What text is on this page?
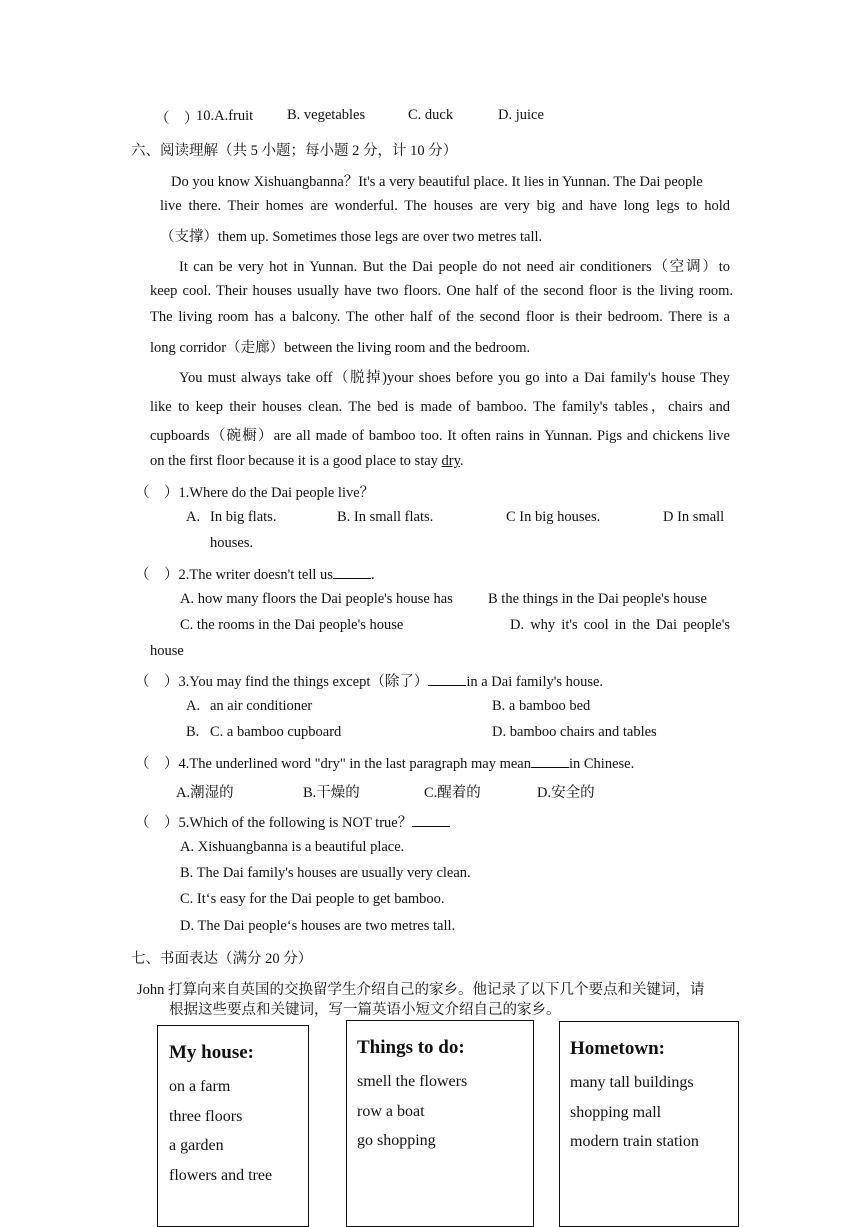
（　）
10.A.fruit B. vegetables	C. duck	D. juice
六、阅读理解（共 5 小题；每小题 2 分，计 10 分）
Do you know Xishuangbanna？It's a very beautiful place. It lies in Yunnan. The Dai people
live there. Their homes are wonderful. The houses are very big and have long legs to hold
（支撑）them up. Sometimes those legs are over two metres tall.
It can be very hot in Yunnan. But the Dai people do not need air conditioners（空调）to
keep cool. Their houses usually have two floors. One half of the second floor is the living room.
The living room has a balcony. The other half of the second floor is their bedroom. There is a
long corridor（走廊）between the living room and the bedroom.
You must always take off（脱掉)your shoes before you go into a Dai family's house They
like to keep their houses clean. The bed is made of bamboo. The family's tables，chairs and
cupboards（碗橱）are all made of bamboo too. It often rains in Yunnan. Pigs and chickens live
on the first floor because it is a good place to stay dry.
（　）1.Where do the Dai people live？
A. In big flats.	B. In small flats.	C In big houses.	D In small
houses.
（　）2.The writer doesn't tell us	.
A. how many floors the Dai people's house has B the things in the Dai people's house
C. the rooms in the Dai people's house	D. why it's cool in the Dai people's
house
（　）3.You may find the things except（除了）	in a Dai family's house.
A. an air conditioner	B. a bamboo bed
B. C. a bamboo cupboard	D. bamboo chairs and tables
（　）4.The underlined word "dry" in the last paragraph may mean	in Chinese.
A.潮湿的	B.干燥的	C.醒着的	D.安全的
（　）5.Which of the following is NOT true？
A. Xishuangbanna is a beautiful place.
B. The Dai family's houses are usually very clean.
C. It‘s easy for the Dai people to get bamboo.
D. The Dai people‘s houses are two metres tall.
七、书面表达（满分 20 分）
John 打算向来自英国的交换留学生介绍自己的家乡。他记录了以下几个要点和关键词，请
根据这些要点和关键词，写一篇英语小短文介绍自己的家乡。
My house:
on a farm
three floors
a garden
flowers and tree
Things to do:
smell the flowers
row a boat
go shopping
Hometown:
many tall buildings
shopping mall
modern train station
